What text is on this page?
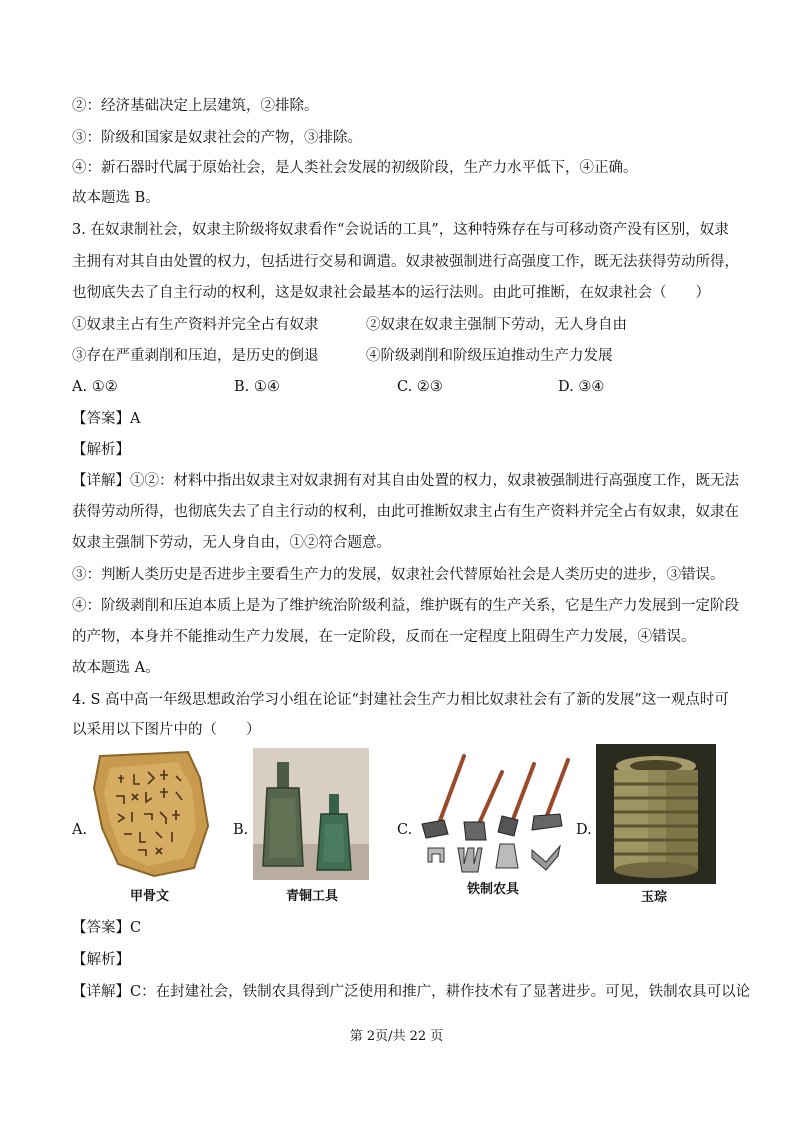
②：经济基础决定上层建筑，②排除。
③：阶级和国家是奴隶社会的产物，③排除。
④：新石器时代属于原始社会，是人类社会发展的初级阶段，生产力水平低下，④正确。
故本题选 B。
3. 在奴隶制社会，奴隶主阶级将奴隶看作“会说话的工具”，这种特殊存在与可移动资产没有区别，奴隶
主拥有对其自由处置的权力，包括进行交易和调遣。奴隶被强制进行高强度工作，既无法获得劳动所得，
也彻底失去了自主行动的权利，这是奴隶社会最基本的运行法则。由此可推断，在奴隶社会（　　）
①奴隶主占有生产资料并完全占有奴隶	②奴隶在奴隶主强制下劳动，无人身自由
③存在严重剥削和压迫，是历史的倒退	④阶级剥削和阶级压迫推动生产力发展
A. ①②	B. ①④	C. ②③	D. ③④
【答案】A
【解析】
【详解】①②：材料中指出奴隶主对奴隶拥有对其自由处置的权力，奴隶被强制进行高强度工作，既无法
获得劳动所得，也彻底失去了自主行动的权利，由此可推断奴隶主占有生产资料并完全占有奴隶，奴隶在
奴隶主强制下劳动，无人身自由，①②符合题意。
③：判断人类历史是否进步主要看生产力的发展，奴隶社会代替原始社会是人类历史的进步，③错误。
④：阶级剥削和压迫本质上是为了维护统治阶级利益，维护既有的生产关系，它是生产力发展到一定阶段
的产物，本身并不能推动生产力发展，在一定阶段，反而在一定程度上阻碍生产力发展，④错误。
故本题选 A。
4. S 高中高一年级思想政治学习小组在论证“封建社会生产力相比奴隶社会有了新的发展”这一观点时可
以采用以下图片中的（　　）
A.
甲骨文
B.
青铜工具
C.
铁制农具
D.
玉琮
【答案】C
【解析】
【详解】C：在封建社会，铁制农具得到广泛使用和推广，耕作技术有了显著进步。可见，铁制农具可以论
第 2页/共 22 页
